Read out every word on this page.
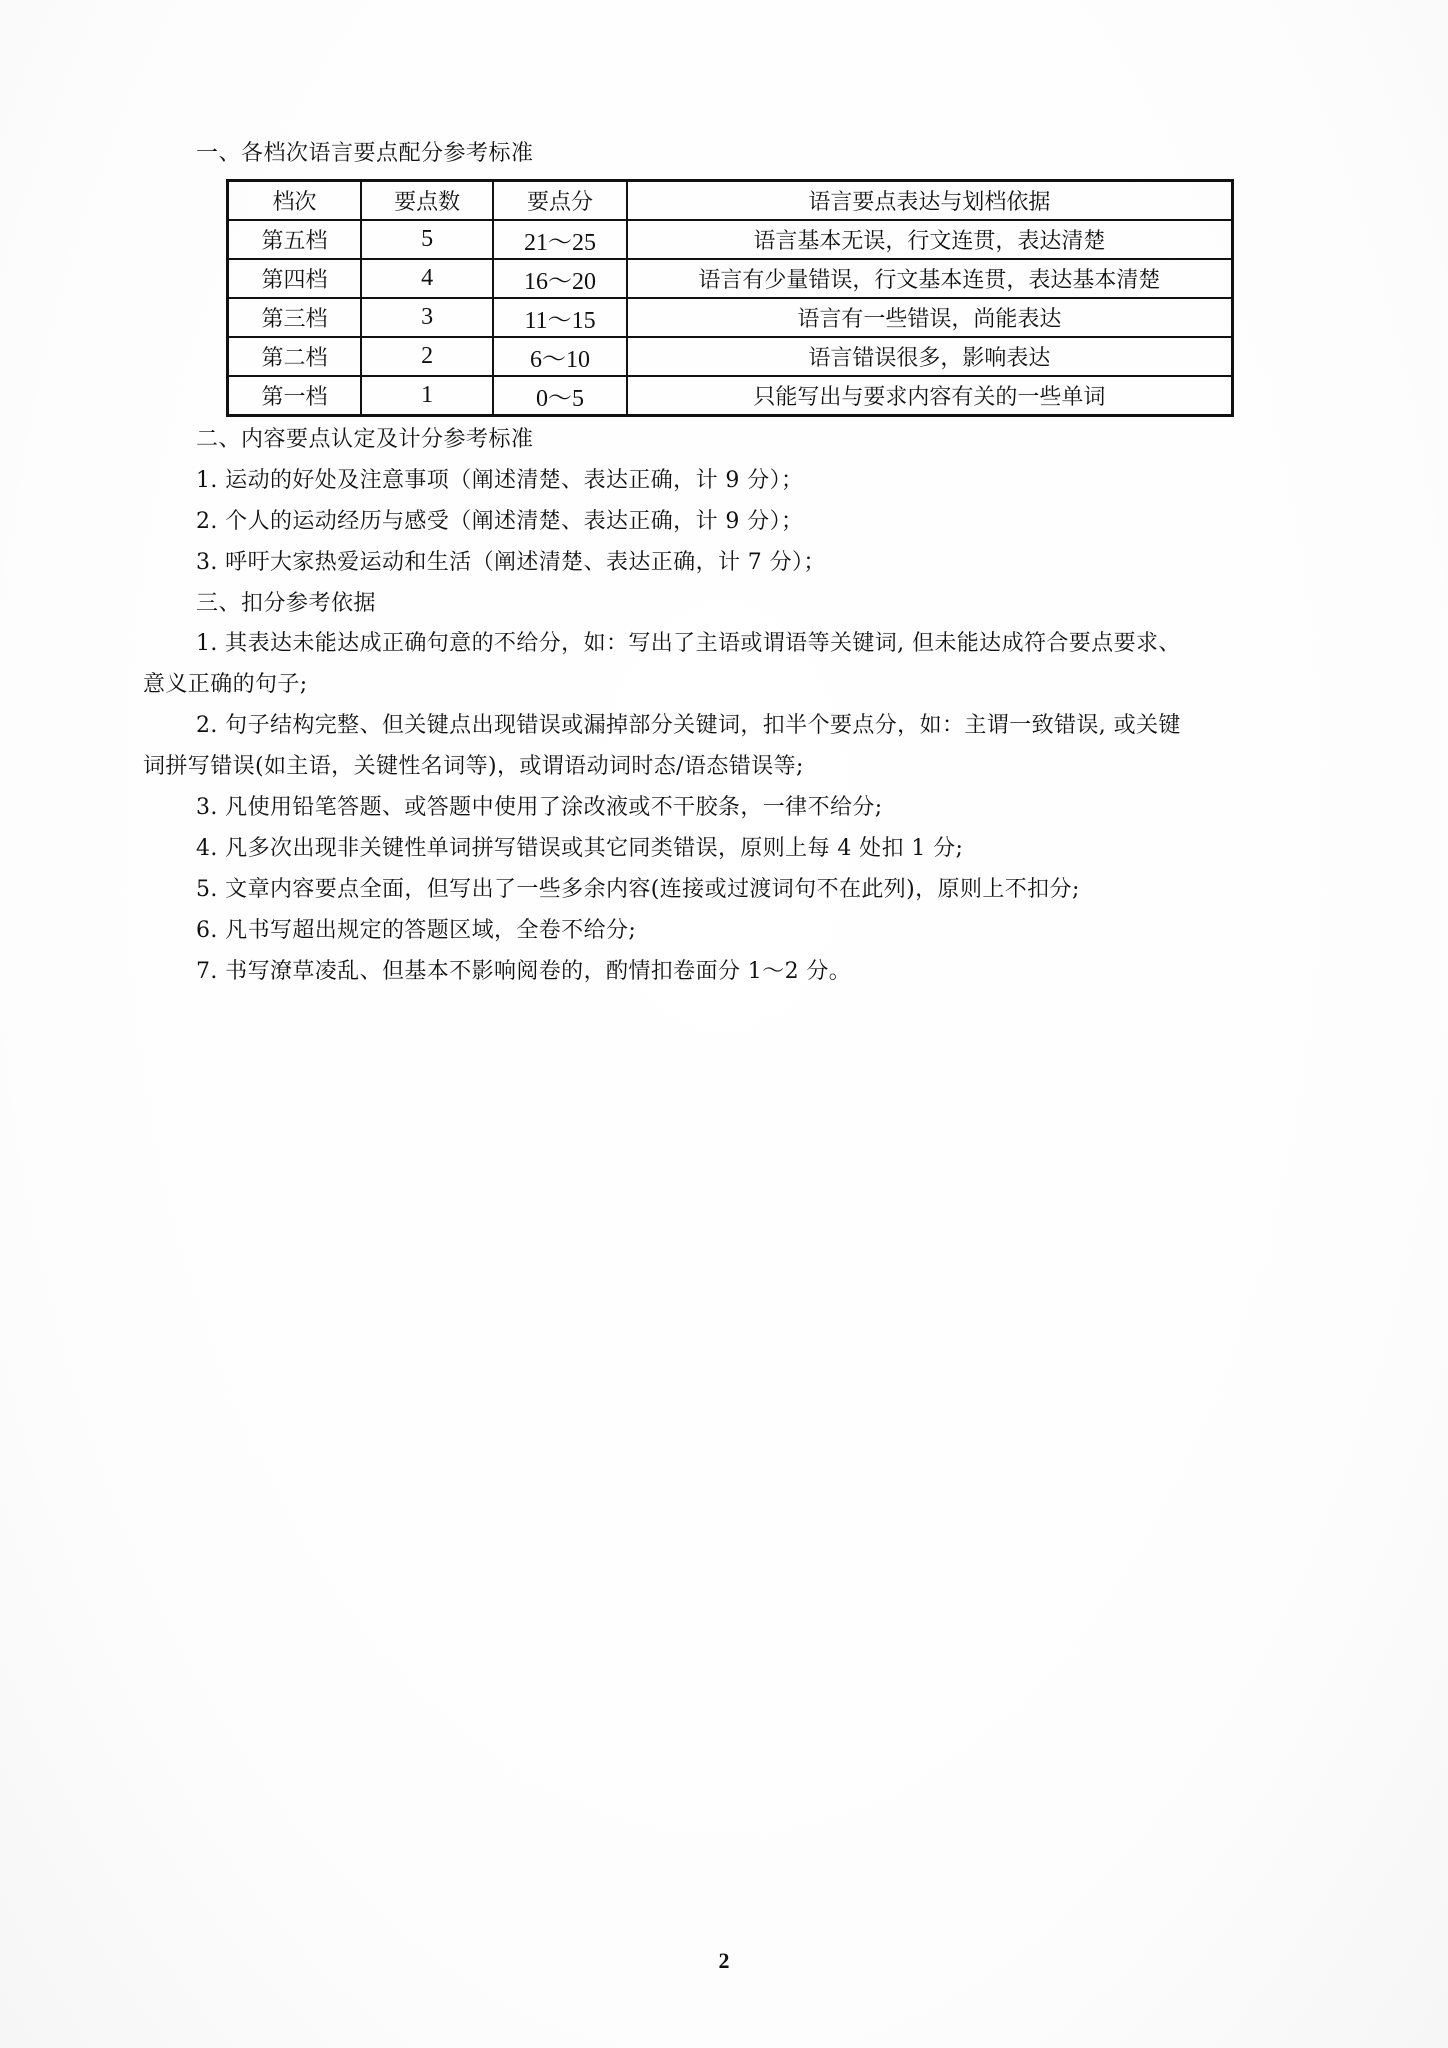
一、各档次语言要点配分参考标准
档次	要点数	要点分	语言要点表达与划档依据
第五档	5	21～25	语言基本无误，行文连贯，表达清楚
第四档	4	16～20	语言有少量错误，行文基本连贯，表达基本清楚
第三档	3	11～15	语言有一些错误，尚能表达
第二档	2	6～10	语言错误很多，影响表达
第一档	1	0～5	只能写出与要求内容有关的一些单词
二、内容要点认定及计分参考标准
1. 运动的好处及注意事项（阐述清楚、表达正确，计 9 分）；
2. 个人的运动经历与感受（阐述清楚、表达正确，计 9 分）；
3. 呼吁大家热爱运动和生活（阐述清楚、表达正确，计 7 分）；
三、扣分参考依据
1. 其表达未能达成正确句意的不给分，如：写出了主语或谓语等关键词, 但未能达成符合要点要求、
意义正确的句子;
2. 句子结构完整、但关键点出现错误或漏掉部分关键词，扣半个要点分，如：主谓一致错误, 或关键
词拼写错误(如主语，关键性名词等)，或谓语动词时态/语态错误等;
3. 凡使用铅笔答题、或答题中使用了涂改液或不干胶条，一律不给分;
4. 凡多次出现非关键性单词拼写错误或其它同类错误，原则上每 4 处扣 1 分;
5. 文章内容要点全面，但写出了一些多余内容(连接或过渡词句不在此列)，原则上不扣分;
6. 凡书写超出规定的答题区域，全卷不给分;
7. 书写潦草凌乱、但基本不影响阅卷的，酌情扣卷面分 1～2 分。
2
